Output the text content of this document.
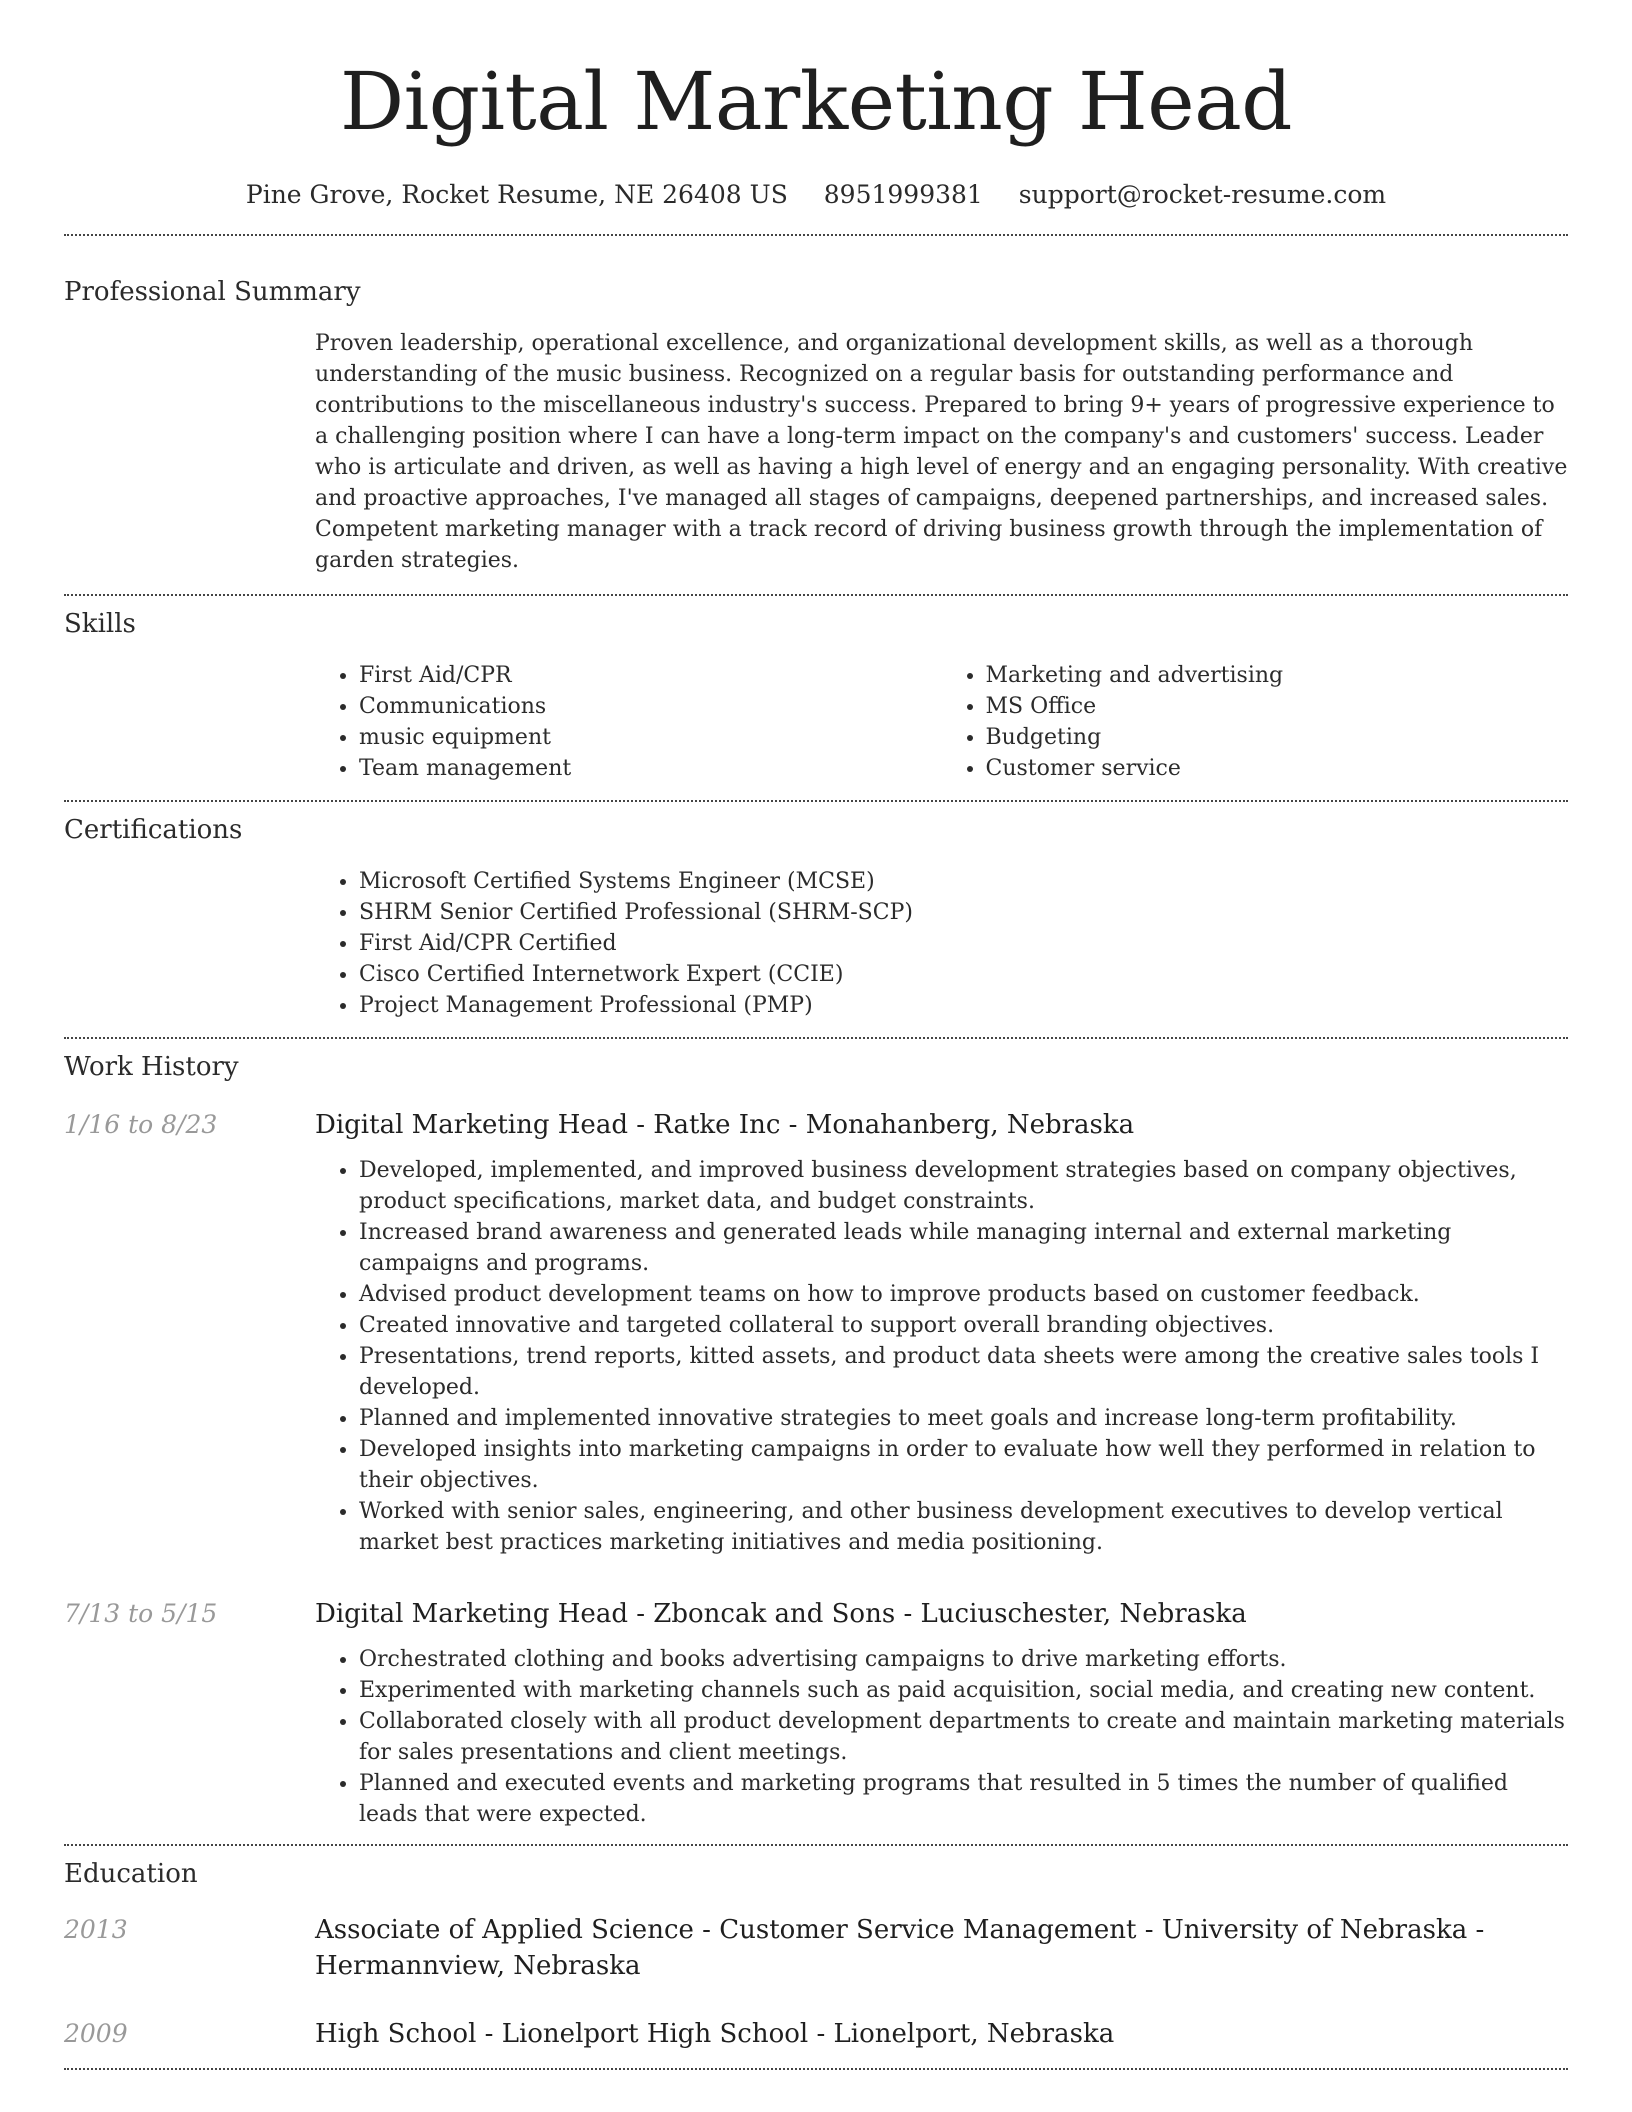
Digital Marketing Head
Pine Grove, Rocket Resume, NE 26408 US 8951999381 support@rocket-resume.com
Professional Summary
Proven leadership, operational excellence, and organizational development skills, as well as a thorough understanding of the music business. Recognized on a regular basis for outstanding performance and contributions to the miscellaneous industry's success. Prepared to bring 9+ years of progressive experience to a challenging position where I can have a long-term impact on the company's and customers' success. Leader who is articulate and driven, as well as having a high level of energy and an engaging personality. With creative and proactive approaches, I've managed all stages of campaigns, deepened partnerships, and increased sales. Competent marketing manager with a track record of driving business growth through the implementation of garden strategies.
Skills
• First Aid/CPR
• Communications
• music equipment
• Team management
• Marketing and advertising
• MS Office
• Budgeting
• Customer service
Certifications
• Microsoft Certified Systems Engineer (MCSE)
• SHRM Senior Certified Professional (SHRM-SCP)
• First Aid/CPR Certified
• Cisco Certified Internetwork Expert (CCIE)
• Project Management Professional (PMP)
Work History
1/16 to 8/23	Digital Marketing Head - Ratke Inc - Monahanberg, Nebraska
• Developed, implemented, and improved business development strategies based on company objectives, product specifications, market data, and budget constraints.
• Increased brand awareness and generated leads while managing internal and external marketing campaigns and programs.
• Advised product development teams on how to improve products based on customer feedback.
• Created innovative and targeted collateral to support overall branding objectives.
• Presentations, trend reports, kitted assets, and product data sheets were among the creative sales tools I developed.
• Planned and implemented innovative strategies to meet goals and increase long-term profitability.
• Developed insights into marketing campaigns in order to evaluate how well they performed in relation to their objectives.
• Worked with senior sales, engineering, and other business development executives to develop vertical market best practices marketing initiatives and media positioning.
7/13 to 5/15	Digital Marketing Head - Zboncak and Sons - Luciuschester, Nebraska
• Orchestrated clothing and books advertising campaigns to drive marketing efforts.
• Experimented with marketing channels such as paid acquisition, social media, and creating new content.
• Collaborated closely with all product development departments to create and maintain marketing materials for sales presentations and client meetings.
• Planned and executed events and marketing programs that resulted in 5 times the number of qualified leads that were expected.
Education
2013	Associate of Applied Science - Customer Service Management - University of Nebraska - Hermannview, Nebraska
2009	High School - Lionelport High School - Lionelport, Nebraska
